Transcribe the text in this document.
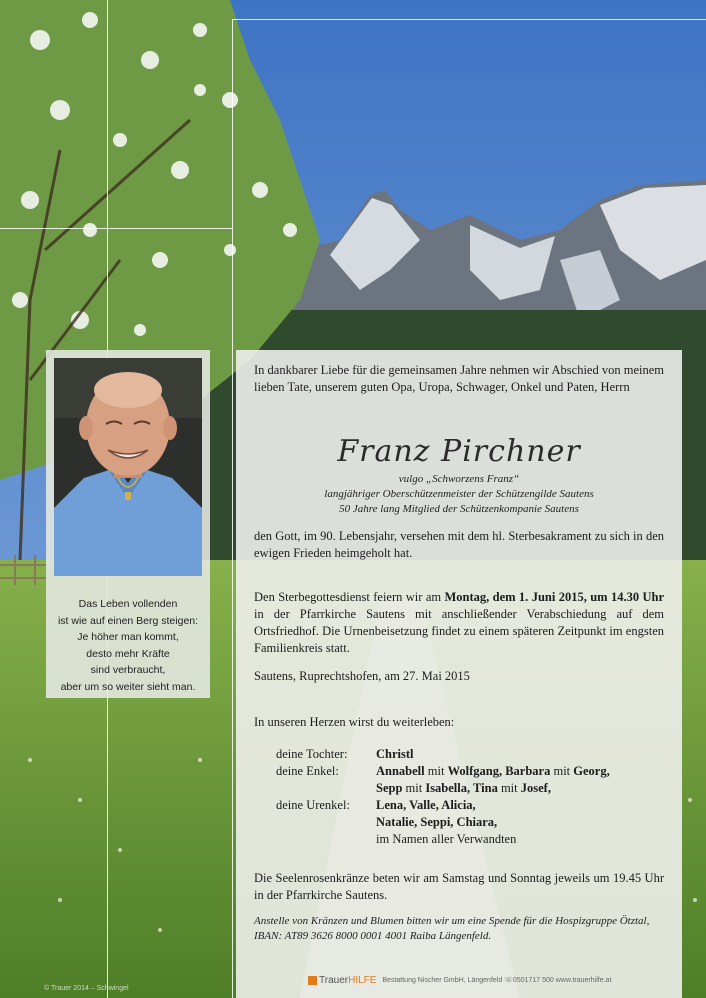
Das Leben vollenden
ist wie auf einen Berg steigen:
Je höher man kommt,
desto mehr Kräfte
sind verbraucht,
aber um so weiter sieht man.
In dankbarer Liebe für die gemeinsamen Jahre nehmen wir Abschied von meinem lieben Tate, unserem guten Opa, Uropa, Schwager, Onkel und Paten, Herrn
Franz Pirchner
vulgo „Schworzens Franz“
langjähriger Oberschützenmeister der Schützengilde Sautens
50 Jahre lang Mitglied der Schützenkompanie Sautens
den Gott, im 90. Lebensjahr, versehen mit dem hl. Sterbesakrament zu sich in den ewigen Frieden heimgeholt hat.
Den Sterbegottesdienst feiern wir am Montag, dem 1. Juni 2015, um 14.30 Uhr in der Pfarrkirche Sautens mit anschließender Verabschiedung auf dem Ortsfriedhof. Die Urnenbeisetzung findet zu einem späteren Zeitpunkt im engsten Familienkreis statt.
Sautens, Ruprechtshofen, am 27. Mai 2015
In unseren Herzen wirst du weiterleben:
deine Tochter: Christl
deine Enkel:	Annabell mit Wolfgang, Barbara mit Georg,
Sepp mit Isabella, Tina mit Josef,
deine Urenkel: Lena, Valle, Alicia,
Natalie, Seppi, Chiara,
im Namen aller Verwandten
Die Seelenrosenkränze beten wir am Samstag und Sonntag jeweils um 19.45 Uhr in der Pfarrkirche Sautens.
Anstelle von Kränzen und Blumen bitten wir um eine Spende für die Hospizgruppe Ötztal, IBAN: AT89 3626 8000 0001 4001 Raiba Längenfeld.
TrauerHILFE Bestattung Nischer GmbH, Längenfeld ☏0501717 500 www.trauerhilfe.at
© Trauer 2014 – Schwingel
